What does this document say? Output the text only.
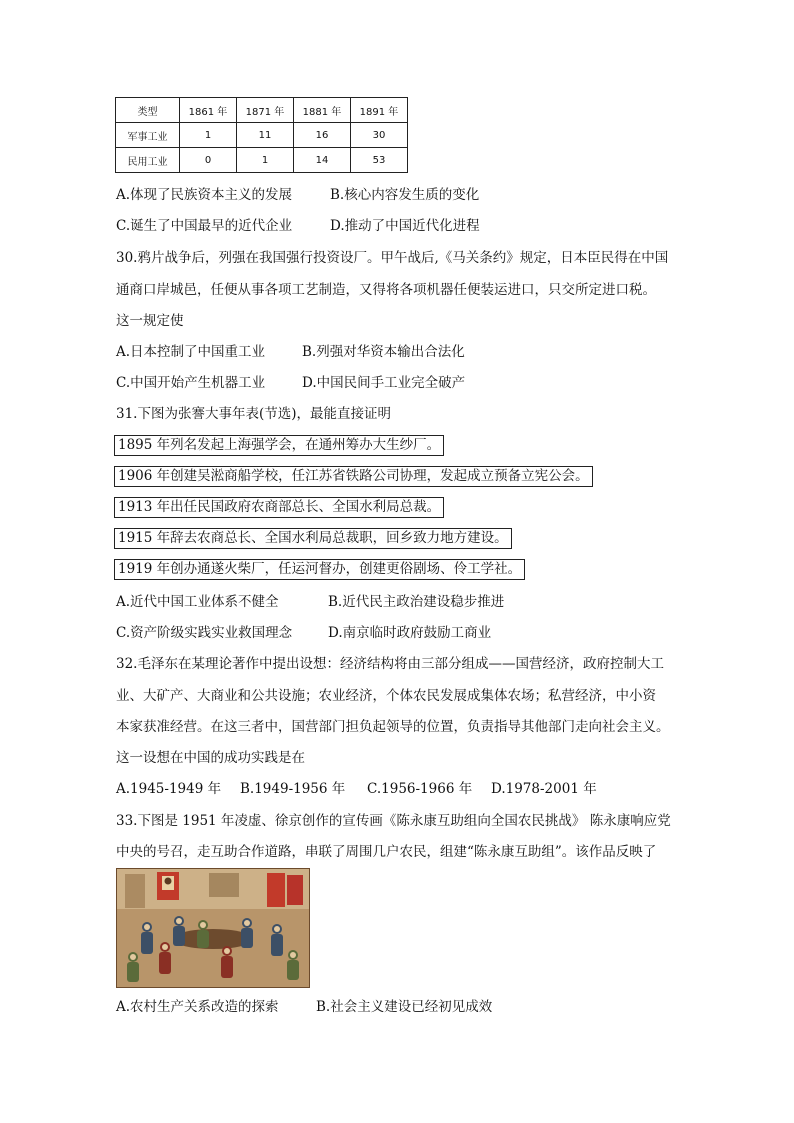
类型	1861 年	1871 年	1881 年	1891 年
军事工业	1	11	16	30
民用工业	0	1	14	53
A.体现了民族资本主义的发展	B.核心内容发生质的变化
C.诞生了中国最早的近代企业	D.推动了中国近代化进程
30.鸦片战争后，列强在我国强行投资设厂。甲午战后,《马关条约》规定，日本臣民得在中国
通商口岸城邑，任便从事各项工艺制造，又得将各项机器任便装运进口，只交所定进口税。
这一规定使
A.日本控制了中国重工业	B.列强对华资本输出合法化
C.中国开始产生机器工业	D.中国民间手工业完全破产
31.下图为张謇大事年表(节选)，最能直接证明
1895 年列名发起上海强学会，在通州筹办大生纱厂。
1906 年创建吴淞商船学校，任江苏省铁路公司协理，发起成立预备立宪公会。
1913 年出任民国政府农商部总长、全国水利局总裁。
1915 年辞去农商总长、全国水利局总裁职，回乡致力地方建设。
1919 年创办通遂火柴厂，任运河督办，创建更俗剧场、伶工学社。
A.近代中国工业体系不健全	B.近代民主政治建设稳步推进
C.资产阶级实践实业救国理念	D.南京临时政府鼓励工商业
32.毛泽东在某理论著作中提出设想：经济结构将由三部分组成——国营经济，政府控制大工
业、大矿产、大商业和公共设施；农业经济，个体农民发展成集体农场；私营经济，中小资
本家获准经营。在这三者中，国营部门担负起领导的位置，负责指导其他部门走向社会主义。
这一设想在中国的成功实践是在
A.1945-1949 年 B.1949-1956 年 C.1956-1966 年 D.1978-2001 年
33.下图是 1951 年凌虚、徐京创作的宣传画《陈永康互助组向全国农民挑战》 陈永康响应党
中央的号召，走互助合作道路，串联了周围几户农民，组建“陈永康互助组”。该作品反映了
A.农村生产关系改造的探索	B.社会主义建设已经初见成效
